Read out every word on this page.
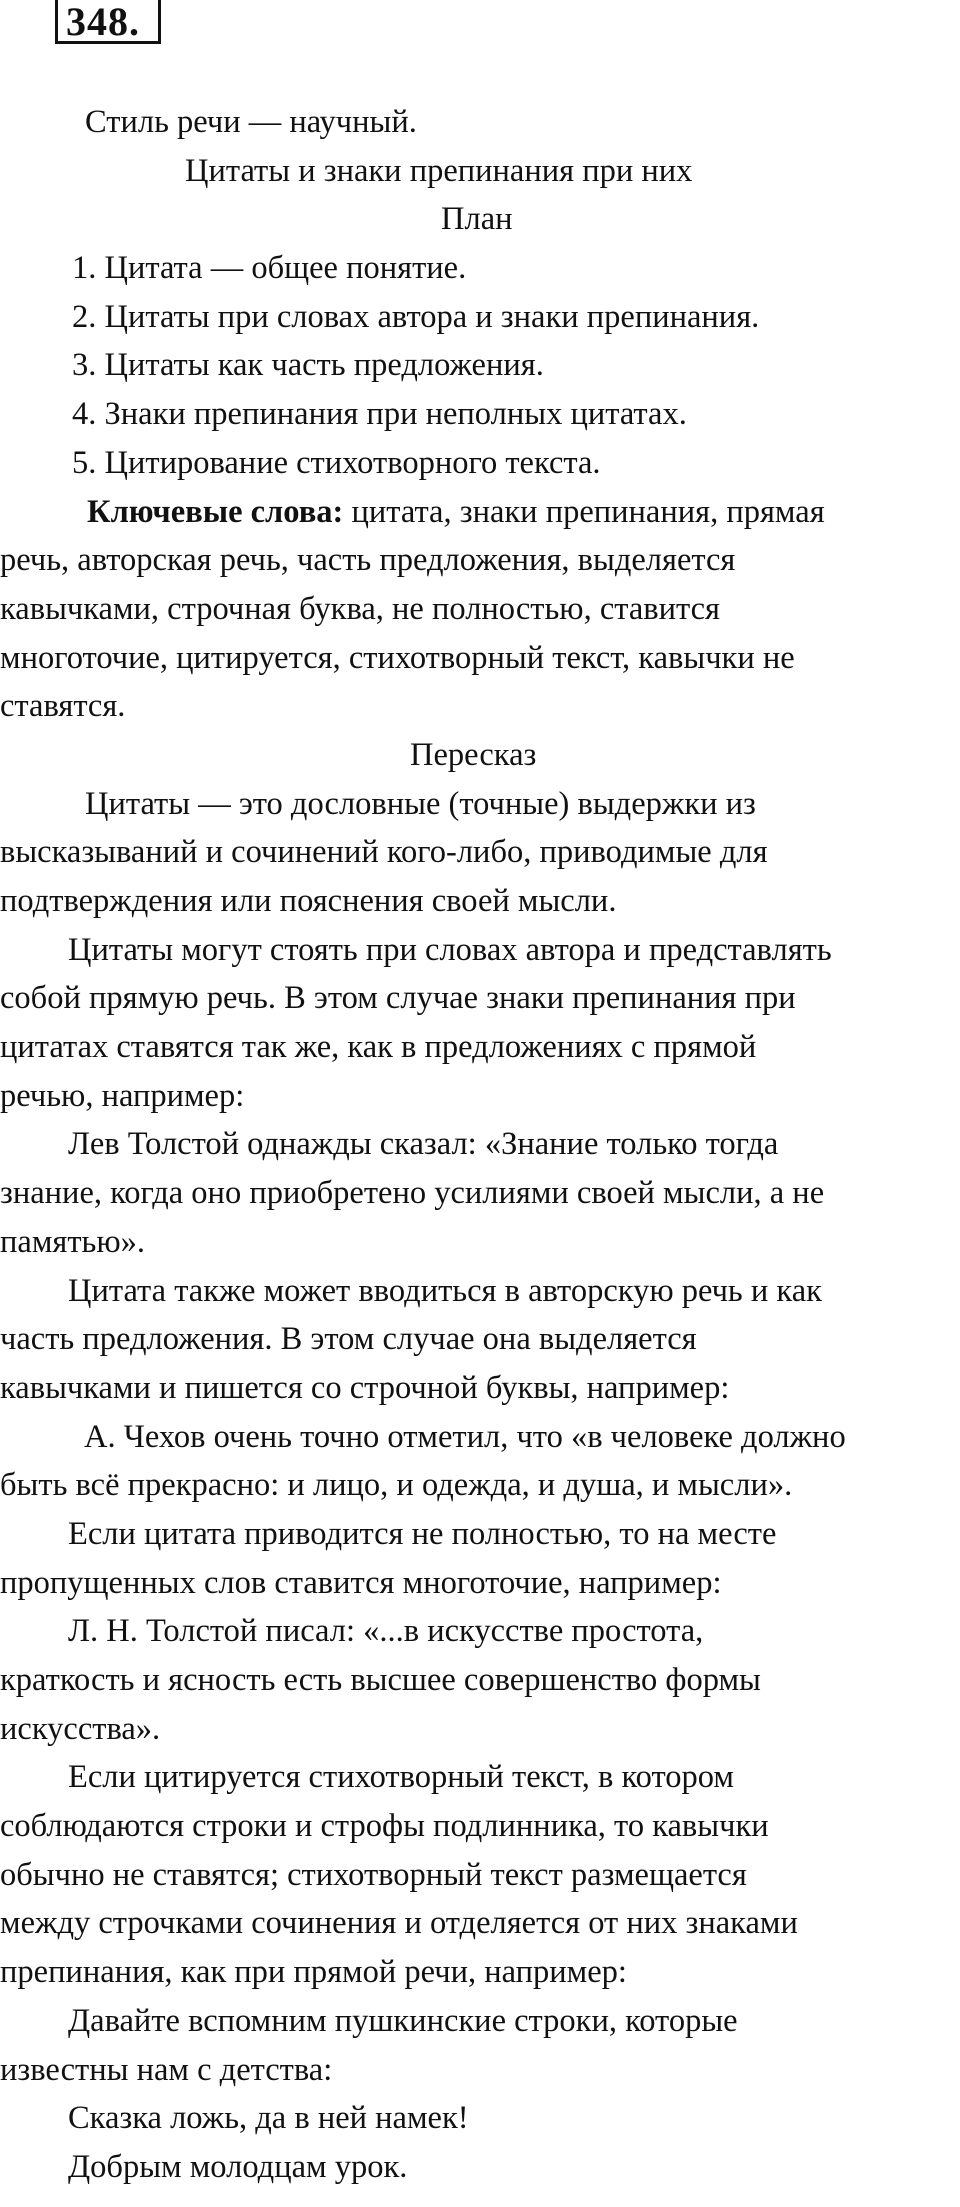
348.
Стиль речи — научный.
Цитаты и знаки препинания при них
План
1. Цитата — общее понятие.
2. Цитаты при словах автора и знаки препинания.
3. Цитаты как часть предложения.
4. Знаки препинания при неполных цитатах.
5. Цитирование стихотворного текста.
Ключевые слова: цитата, знаки препинания, прямая
речь, авторская речь, часть предложения, выделяется
кавычками, строчная буква, не полностью, ставится
многоточие, цитируется, стихотворный текст, кавычки не
ставятся.
Пересказ
Цитаты — это дословные (точные) выдержки из
высказываний и сочинений кого-либо, приводимые для
подтверждения или пояснения своей мысли.
Цитаты могут стоять при словах автора и представлять
собой прямую речь. В этом случае знаки препинания при
цитатах ставятся так же, как в предложениях с прямой
речью, например:
Лев Толстой однажды сказал: «Знание только тогда
знание, когда оно приобретено усилиями своей мысли, а не
памятью».
Цитата также может вводиться в авторскую речь и как
часть предложения. В этом случае она выделяется
кавычками и пишется со строчной буквы, например:
А. Чехов очень точно отметил, что «в человеке должно
быть всё прекрасно: и лицо, и одежда, и душа, и мысли».
Если цитата приводится не полностью, то на месте
пропущенных слов ставится многоточие, например:
Л. Н. Толстой писал: «...в искусстве простота,
краткость и ясность есть высшее совершенство формы
искусства».
Если цитируется стихотворный текст, в котором
соблюдаются строки и строфы подлинника, то кавычки
обычно не ставятся; стихотворный текст размещается
между строчками сочинения и отделяется от них знаками
препинания, как при прямой речи, например:
Давайте вспомним пушкинские строки, которые
известны нам с детства:
Сказка ложь, да в ней намек!
Добрым молодцам урок.
